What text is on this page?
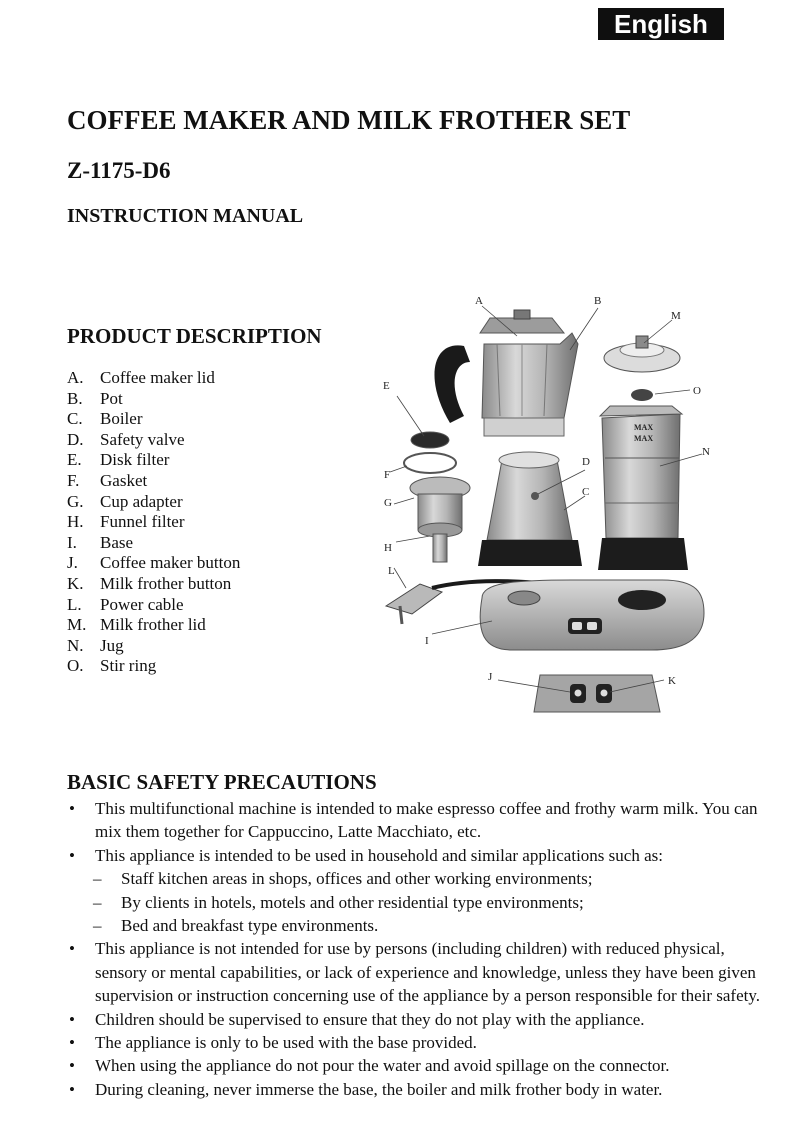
English
COFFEE MAKER AND MILK FROTHER SET
Z-1175-D6
INSTRUCTION MANUAL
PRODUCT DESCRIPTION
A. Coffee maker lid
B. Pot
C. Boiler
D. Safety valve
E. Disk filter
F. Gasket
G. Cup adapter
H. Funnel filter
I. Base
J. Coffee maker button
K. Milk frother button
L. Power cable
M. Milk frother lid
N. Jug
O. Stir ring
MAX
MAX
A	B
M
O
N
E
F
G
H
D
C
L
I
J	K
BASIC SAFETY PRECAUTIONS
• This multifunctional machine is intended to make espresso coffee and frothy warm milk. You can mix them together for Cappuccino, Latte Macchiato, etc.
• This appliance is intended to be used in household and similar applications such as:
– Staff kitchen areas in shops, offices and other working environments;
– By clients in hotels, motels and other residential type environments;
– Bed and breakfast type environments.
• This appliance is not intended for use by persons (including children) with reduced physical, sensory or mental capabilities, or lack of experience and knowledge, unless they have been given supervision or instruction concerning use of the appliance by a person responsible for their safety.
• Children should be supervised to ensure that they do not play with the appliance.
• The appliance is only to be used with the base provided.
• When using the appliance do not pour the water and avoid spillage on the connector.
• During cleaning, never immerse the base, the boiler and milk frother body in water.
